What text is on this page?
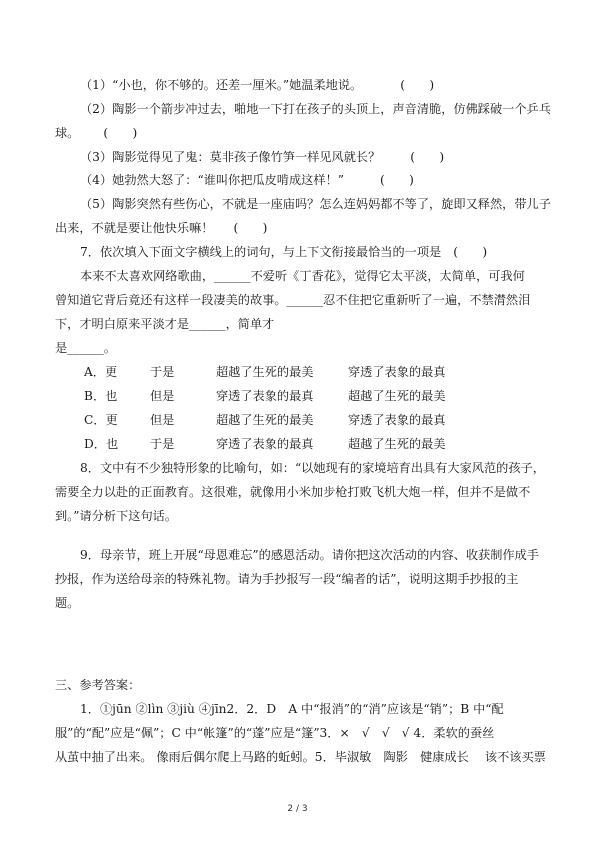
（1）“小也，你不够的。还差一厘米。”她温柔地说。	(　　)
（2）陶影一个箭步冲过去，啪地一下打在孩子的头顶上，声音清脆，仿佛踩破一个乒乓
球。 (　　)
（3）陶影觉得见了鬼：莫非孩子像竹笋一样见风就长？ (　　)
（4）她勃然大怒了：“谁叫你把瓜皮啃成这样！”	(　　)
（5）陶影突然有些伤心，不就是一座庙吗？怎么连妈妈都不等了，旋即又释然，带儿子
出来，不就是要让他快乐嘛！ (　　)
7．依次填入下面文字横线上的词句，与上下文衔接最恰当的一项是 (　　)
本来不太喜欢网络歌曲，______不爱听《丁香花》，觉得它太平淡，太简单，可我何
曾知道它背后竟还有这样一段凄美的故事。______忍不住把它重新听了一遍，不禁潸然泪
下，才明白原来平淡才是______，简单才
是______。
A．更	于是	超越了生死的最美	穿透了表象的最真
B．也	但是	穿透了表象的最真	超越了生死的最美
C．更	但是	超越了生死的最美	穿透了表象的最真
D．也	于是	穿透了表象的最真	超越了生死的最美
8．文中有不少独特形象的比喻句，如：“以她现有的家境培育出具有大家风范的孩子，
需要全力以赴的正面教育。这很难，就像用小米加步枪打败飞机大炮一样，但并不是做不
到。”请分析下这句话。
9．母亲节，班上开展“母恩难忘”的感恩活动。请你把这次活动的内容、收获制作成手
抄报，作为送给母亲的特殊礼物。请为手抄报写一段“编者的话”，说明这期手抄报的主
题。
三、参考答案：
1．①jūn ②lìn ③jiù ④jīn2．2．D　A 中“报消”的“消”应该是“销”；B 中“配
服”的“配”应是“佩”；C 中“帐篷”的“蓬”应是“篷”3．×　√　√　√ 4．柔软的蚕丝
从茧中抽了出来。 像雨后偶尔爬上马路的蚯蚓。5．毕淑敏　陶影　健康成长　 该不该买票
2 / 3
